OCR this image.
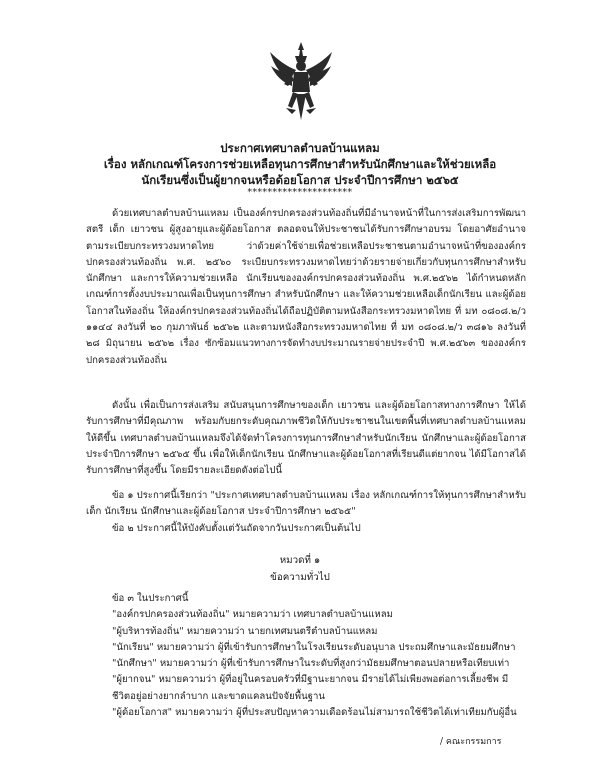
ประกาศเทศบาลตำบลบ้านแหลม
เรื่อง หลักเกณฑ์โครงการช่วยเหลือทุนการศึกษาสำหรับนักศึกษาและให้ช่วยเหลือ
นักเรียนซึ่งเป็นผู้ยากจนหรือด้อยโอกาส ประจำปีการศึกษา ๒๕๖๕
*********************
ด้วยเทศบาลตำบลบ้านแหลม เป็นองค์กรปกครองส่วนท้องถิ่นที่มีอำนาจหน้าที่ในการส่งเสริมการพัฒนาสตรี เด็ก เยาวชน ผู้สูงอายุและผู้ด้อยโอกาส ตลอดจนให้ประชาชนได้รับการศึกษาอบรม โดยอาศัยอำนาจตามระเบียบกระทรวงมหาดไทย ว่าด้วยค่าใช้จ่ายเพื่อช่วยเหลือประชาชนตามอำนาจหน้าที่ขององค์กรปกครองส่วนท้องถิ่น พ.ศ. ๒๕๖๐ ระเบียบกระทรวงมหาดไทยว่าด้วยรายจ่ายเกี่ยวกับทุนการศึกษาสำหรับนักศึกษา และการให้ความช่วยเหลือ นักเรียนขององค์กรปกครองส่วนท้องถิ่น พ.ศ.๒๕๖๒ ได้กำหนดหลักเกณฑ์การตั้งงบประมาณเพื่อเป็นทุนการศึกษา สำหรับนักศึกษา และให้ความช่วยเหลือเด็กนักเรียน และผู้ด้อยโอกาสในท้องถิ่น ให้องค์กรปกครองส่วนท้องถิ่นได้ถือปฏิบัติตามหนังสือกระทรวงมหาดไทย ที่ มท ๐๘๐๘.๒/ว ๑๑๔๔ ลงวันที่ ๒๐ กุมภาพันธ์ ๒๕๖๒ และตามหนังสือกระทรวงมหาดไทย ที่ มท ๐๘๐๘.๒/ว ๓๘๑๖ ลงวันที่ ๒๘ มิถุนายน ๒๕๖๒ เรื่อง ซักซ้อมแนวทางการจัดทำงบประมาณรายจ่ายประจำปี พ.ศ.๒๕๖๓ ขององค์กรปกครองส่วนท้องถิ่น
ดังนั้น เพื่อเป็นการส่งเสริม สนับสนุนการศึกษาของเด็ก เยาวชน และผู้ด้อยโอกาสทางการศึกษา ให้ได้รับการศึกษาที่มีคุณภาพ พร้อมกับยกระดับคุณภาพชีวิตให้กับประชาชนในเขตพื้นที่เทศบาลตำบลบ้านแหลมให้ดีขึ้น เทศบาลตำบลบ้านแหลมจึงได้จัดทำโครงการทุนการศึกษาสำหรับนักเรียน นักศึกษาและผู้ด้อยโอกาส ประจำปีการศึกษา ๒๕๖๕ ขึ้น เพื่อให้เด็กนักเรียน นักศึกษาและผู้ด้อยโอกาสที่เรียนดีแต่ยากจน ได้มีโอกาสได้รับการศึกษาที่สูงขึ้น โดยมีรายละเอียดดังต่อไปนี้
ข้อ ๑ ประกาศนี้เรียกว่า "ประกาศเทศบาลตำบลบ้านแหลม เรื่อง หลักเกณฑ์การให้ทุนการศึกษาสำหรับเด็ก นักเรียน นักศึกษาและผู้ด้อยโอกาส ประจำปีการศึกษา ๒๕๖๕"
ข้อ ๒ ประกาศนี้ให้บังคับตั้งแต่วันถัดจากวันประกาศเป็นต้นไป
หมวดที่ ๑
ข้อความทั่วไป
ข้อ ๓ ในประกาศนี้
"องค์กรปกครองส่วนท้องถิ่น" หมายความว่า เทศบาลตำบลบ้านแหลม
"ผู้บริหารท้องถิ่น" หมายความว่า นายกเทศมนตรีตำบลบ้านแหลม
"นักเรียน" หมายความว่า ผู้ที่เข้ารับการศึกษาในโรงเรียนระดับอนุบาล ประถมศึกษาและมัธยมศึกษา
"นักศึกษา" หมายความว่า ผู้ที่เข้ารับการศึกษาในระดับที่สูงกว่ามัธยมศึกษาตอนปลายหรือเทียบเท่า
"ผู้ยากจน" หมายความว่า ผู้ที่อยู่ในครอบครัวที่มีฐานะยากจน มีรายได้ไม่เพียงพอต่อการเลี้ยงชีพ มีชีวิตอยู่อย่างยากลำบาก และขาดแคลนปัจจัยพื้นฐาน
"ผู้ด้อยโอกาส" หมายความว่า ผู้ที่ประสบปัญหาความเดือดร้อนไม่สามารถใช้ชีวิตได้เท่าเทียมกับผู้อื่น
/ คณะกรรมการ
